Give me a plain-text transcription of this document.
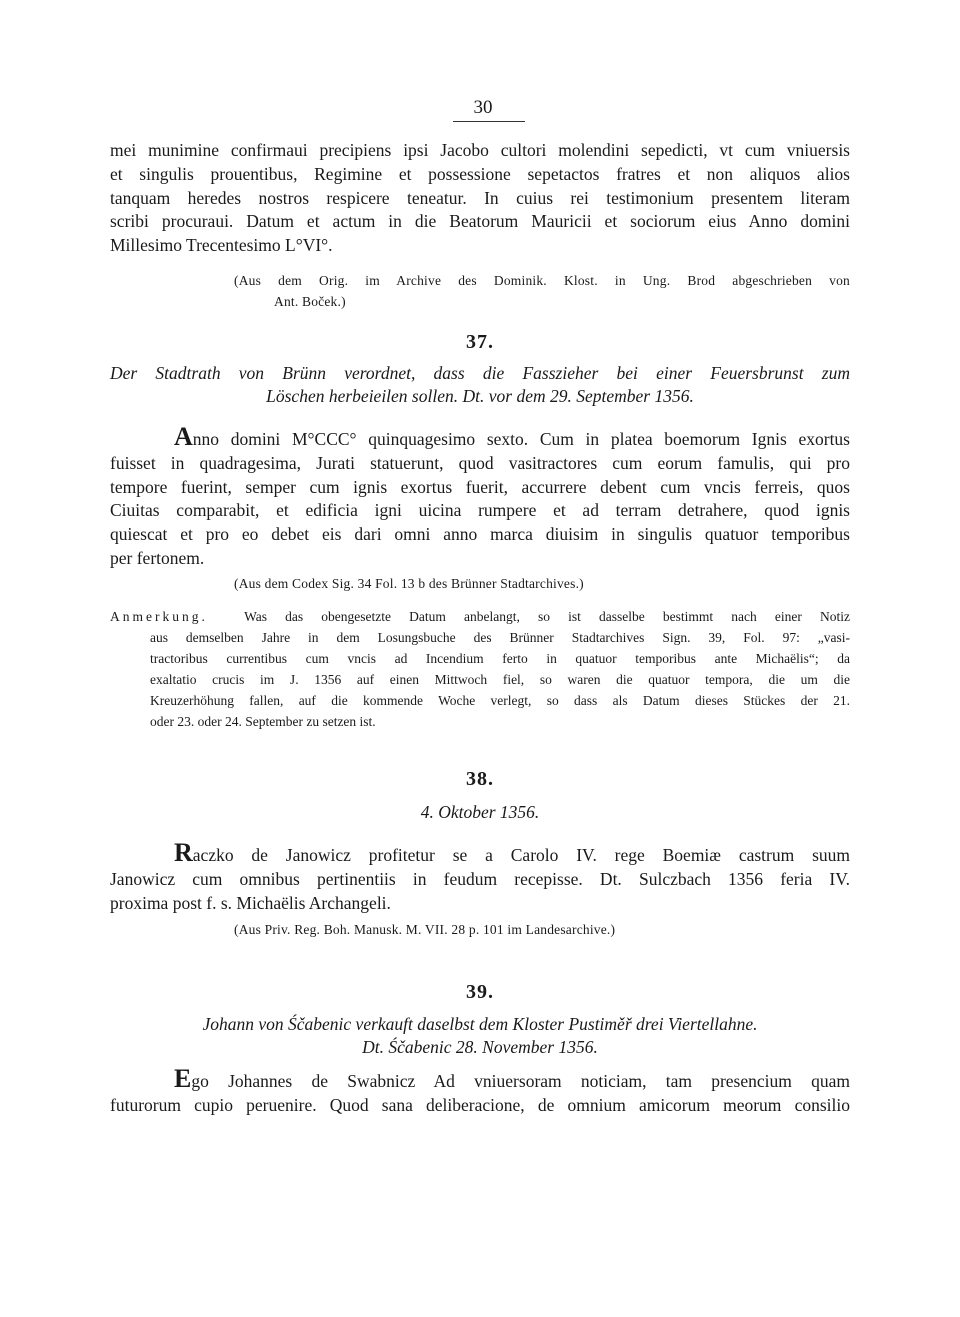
30
mei munimine confirmaui precipiens ipsi Jacobo cultori molendini sepedicti, vt cum vniuersis
et singulis prouentibus, Regimine et possessione sepetactos fratres et non aliquos alios
tanquam heredes nostros respicere teneatur. In cuius rei testimonium presentem literam
scribi procuraui. Datum et actum in die Beatorum Mauricii et sociorum eius Anno domini
Millesimo Trecentesimo L°VI°.
(Aus dem Orig. im Archive des Dominik. Klost. in Ung. Brod abgeschrieben von
Ant. Boček.)
37.
Der Stadtrath von Brünn verordnet, dass die Fasszieher bei einer Feuersbrunst zum
Löschen herbeieilen sollen. Dt. vor dem 29. September 1356.
Anno domini M°CCC° quinquagesimo sexto. Cum in platea boemorum Ignis exortus
fuisset in quadragesima, Jurati statuerunt, quod vasitractores cum eorum famulis, qui pro
tempore fuerint, semper cum ignis exortus fuerit, accurrere debent cum vncis ferreis, quos
Ciuitas comparabit, et edificia igni uicina rumpere et ad terram detrahere, quod ignis
quiescat et pro eo debet eis dari omni anno marca diuisim in singulis quatuor temporibus
per fertonem.
(Aus dem Codex Sig. 34 Fol. 13 b des Brünner Stadtarchives.)
Anmerkung.	Was das obengesetzte Datum anbelangt, so ist dasselbe bestimmt nach einer Notiz
aus demselben Jahre in dem Losungsbuche des Brünner Stadtarchives Sign. 39, Fol. 97: „vasi-
tractoribus currentibus cum vncis ad Incendium ferto in quatuor temporibus ante Michaëlis“; da
exaltatio crucis im J. 1356 auf einen Mittwoch fiel, so waren die quatuor tempora, die um die
Kreuzerhöhung fallen, auf die kommende Woche verlegt, so dass als Datum dieses Stückes der 21.
oder 23. oder 24. September zu setzen ist.
38.
4. Oktober 1356.
Raczko de Janowicz profitetur se a Carolo IV. rege Boemiæ castrum suum
Janowicz cum omnibus pertinentiis in feudum recepisse. Dt. Sulczbach 1356 feria IV.
proxima post f. s. Michaëlis Archangeli.
(Aus Priv. Reg. Boh. Manusk. M. VII. 28 p. 101 im Landesarchive.)
39.
Johann von Śčabenic verkauft daselbst dem Kloster Pustiměř drei Viertellahne.
Dt. Śčabenic 28. November 1356.
Ego Johannes de Swabnicz Ad vniuersoram noticiam, tam presencium quam
futurorum cupio peruenire. Quod sana deliberacione, de omnium amicorum meorum consilio
